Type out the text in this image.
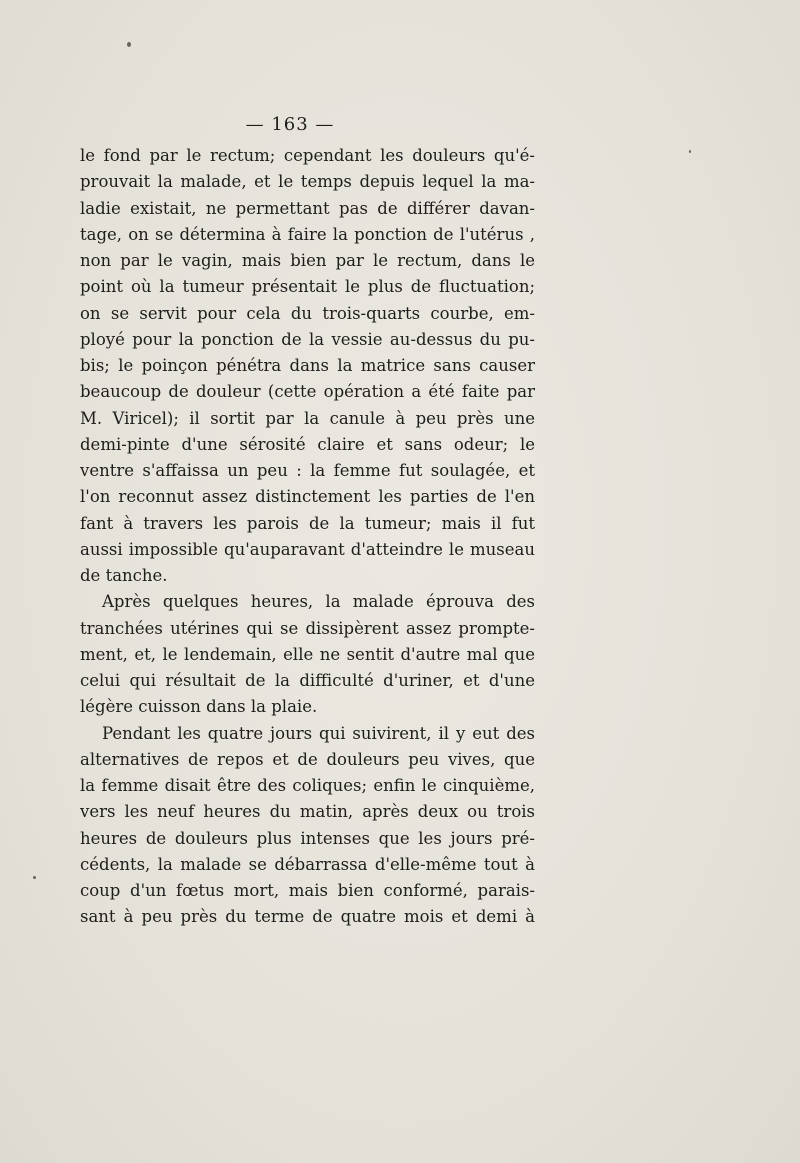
— 163 —
le fond par le rectum; cependant les douleurs qu'é-
prouvait la malade, et le temps depuis lequel la ma-
ladie existait, ne permettant pas de différer davan-
tage, on se détermina à faire la ponction de l'utérus ,
non par le vagin, mais bien par le rectum, dans le
point où la tumeur présentait le plus de fluctuation;
on se servit pour cela du trois-quarts courbe, em-
ployé pour la ponction de la vessie au-dessus du pu-
bis; le poinçon pénétra dans la matrice sans causer
beaucoup de douleur (cette opération a été faite par
M. Viricel); il sortit par la canule à peu près une
demi-pinte d'une sérosité claire et sans odeur; le
ventre s'affaissa un peu : la femme fut soulagée, et
l'on reconnut assez distinctement les parties de l'en
fant à travers les parois de la tumeur; mais il fut
aussi impossible qu'auparavant d'atteindre le museau
de tanche.
Après quelques heures, la malade éprouva des
tranchées utérines qui se dissipèrent assez prompte-
ment, et, le lendemain, elle ne sentit d'autre mal que
celui qui résultait de la difficulté d'uriner, et d'une
légère cuisson dans la plaie.
Pendant les quatre jours qui suivirent, il y eut des
alternatives de repos et de douleurs peu vives, que
la femme disait être des coliques; enfin le cinquième,
vers les neuf heures du matin, après deux ou trois
heures de douleurs plus intenses que les jours pré-
cédents, la malade se débarrassa d'elle-même tout à
coup d'un fœtus mort, mais bien conformé, parais-
sant à peu près du terme de quatre mois et demi à
